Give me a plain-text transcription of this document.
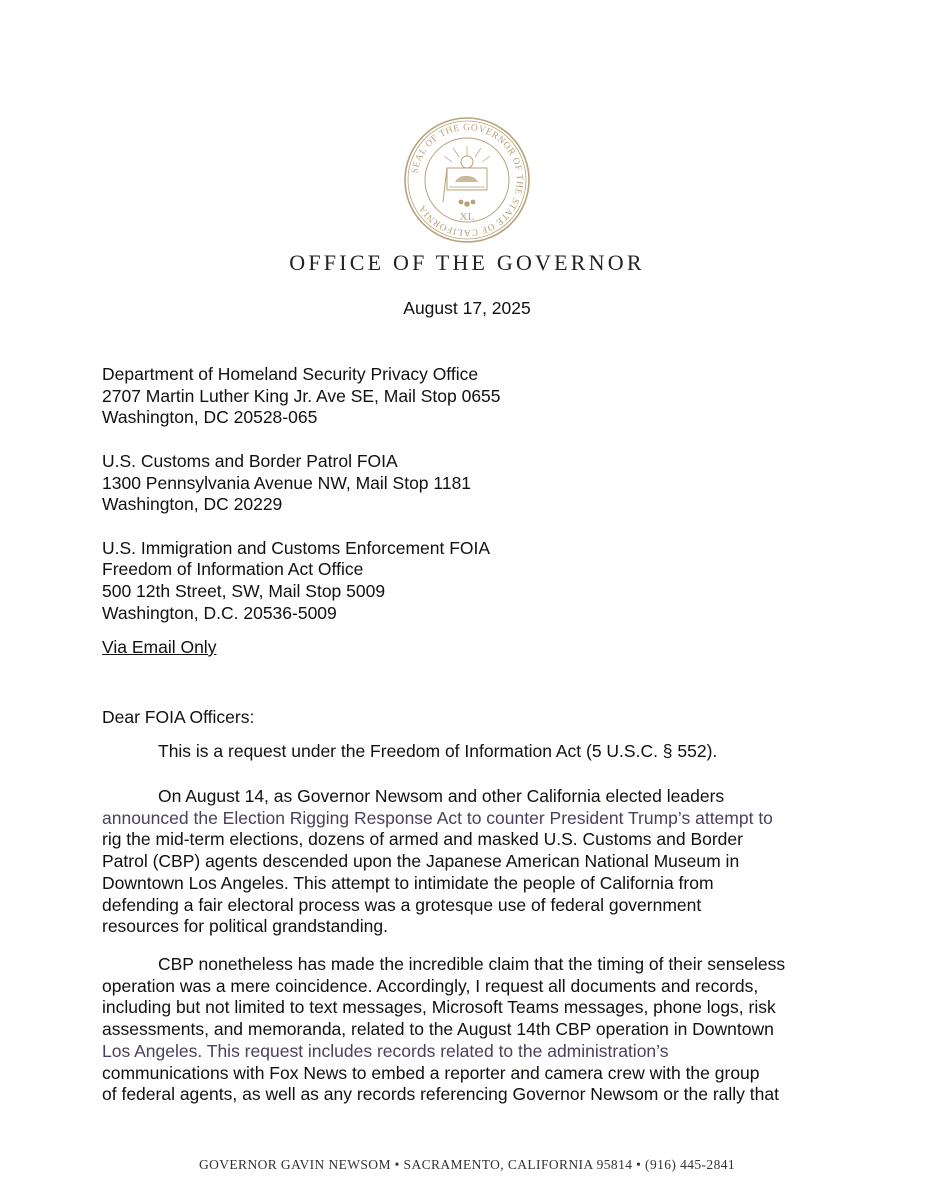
SEAL OF THE GOVERNOR OF THE STATE OF CALIFORNIA
XL
OFFICE OF THE GOVERNOR
August 17, 2025
Department of Homeland Security Privacy Office
2707 Martin Luther King Jr. Ave SE, Mail Stop 0655
Washington, DC 20528-065
U.S. Customs and Border Patrol FOIA
1300 Pennsylvania Avenue NW, Mail Stop 1181
Washington, DC 20229
U.S. Immigration and Customs Enforcement FOIA
Freedom of Information Act Office
500 12th Street, SW, Mail Stop 5009
Washington, D.C. 20536-5009
Via Email Only
Dear FOIA Officers:
This is a request under the Freedom of Information Act (5 U.S.C. § 552).
On August 14, as Governor Newsom and other California elected leaders
announced the Election Rigging Response Act to counter President Trump’s attempt to
rig the mid-term elections, dozens of armed and masked U.S. Customs and Border
Patrol (CBP) agents descended upon the Japanese American National Museum in
Downtown Los Angeles. This attempt to intimidate the people of California from
defending a fair electoral process was a grotesque use of federal government
resources for political grandstanding.
CBP nonetheless has made the incredible claim that the timing of their senseless
operation was a mere coincidence. Accordingly, I request all documents and records,
including but not limited to text messages, Microsoft Teams messages, phone logs, risk
assessments, and memoranda, related to the August 14th CBP operation in Downtown
Los Angeles. This request includes records related to the administration’s
communications with Fox News to embed a reporter and camera crew with the group
of federal agents, as well as any records referencing Governor Newsom or the rally that
GOVERNOR GAVIN NEWSOM • SACRAMENTO, CALIFORNIA 95814 • (916) 445-2841
